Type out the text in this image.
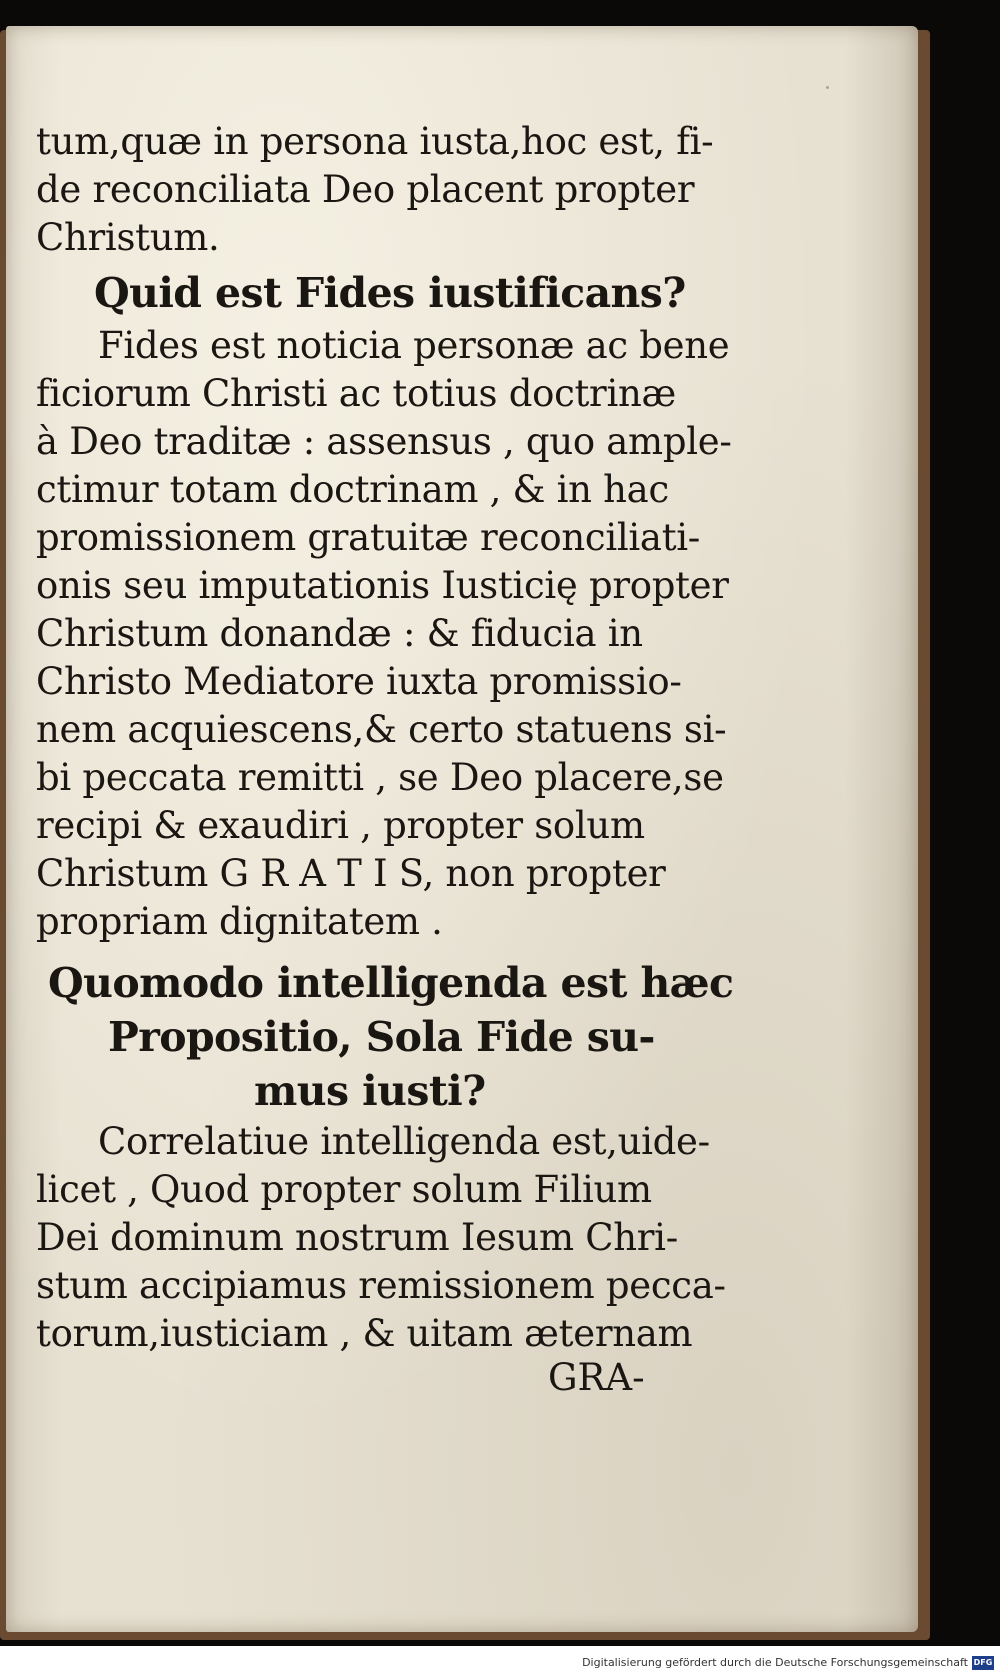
tum,quæ in persona iusta,hoc est, fi-
de reconciliata Deo placent propter
Christum.
Quid est Fides iustificans?
Fides est noticia personæ ac bene
ficiorum Christi ac totius doctrinæ
à Deo traditæ : assensus , quo ample-
ctimur totam doctrinam , & in hac
promissionem gratuitæ reconciliati-
onis seu imputationis Iusticię propter
Christum donandæ : & fiducia in
Christo Mediatore iuxta promissio-
nem acquiescens,& certo statuens si-
bi peccata remitti , se Deo placere,se
recipi & exaudiri , propter solum
Christum G R A T I S, non propter
propriam dignitatem .
Quomodo intelligenda est hæc
Propositio, Sola Fide su-
mus iusti?
Correlatiue intelligenda est,uide-
licet , Quod propter solum Filium
Dei dominum nostrum Iesum Chri-
stum accipiamus remissionem pecca-
torum,iusticiam , & uitam æternam
GRA-
Digitalisierung gefördert durch die Deutsche Forschungsgemeinschaft DFG
